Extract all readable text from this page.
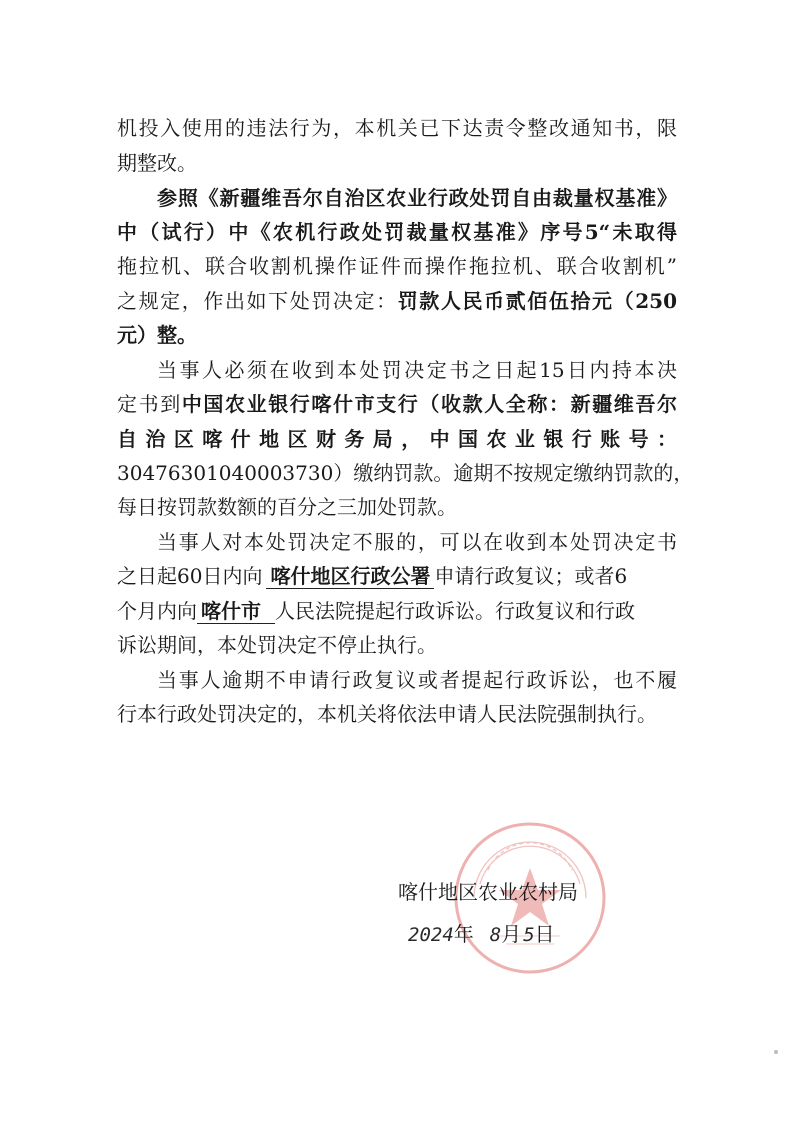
机投入使用的违法行为，本机关已下达责令整改通知书，限
期整改。
参照《新疆维吾尔自治区农业行政处罚自由裁量权基准》
中（试行）中《农机行政处罚裁量权基准》序号5“未取得
拖拉机、联合收割机操作证件而操作拖拉机、联合收割机”
之规定，作出如下处罚决定：罚款人民币贰佰伍拾元（250
元）整。
当事人必须在收到本处罚决定书之日起15日内持本决
定书到中国农业银行喀什市支行（收款人全称：新疆维吾尔
自治区喀什地区财务局，中国农业银行账号：
30476301040003730）缴纳罚款。逾期不按规定缴纳罚款的，
每日按罚款数额的百分之三加处罚款。
当事人对本处罚决定不服的，可以在收到本处罚决定书
之日起60日内向 喀什地区行政公署 申请行政复议；或者6
个月内向 喀什市 人民法院提起行政诉讼。行政复议和行政
诉讼期间，本处罚决定不停止执行。
当事人逾期不申请行政复议或者提起行政诉讼，也不履
行本行政处罚决定的，本机关将依法申请人民法院强制执行。
喀什地区农业农村局
2024年 8月 5日
